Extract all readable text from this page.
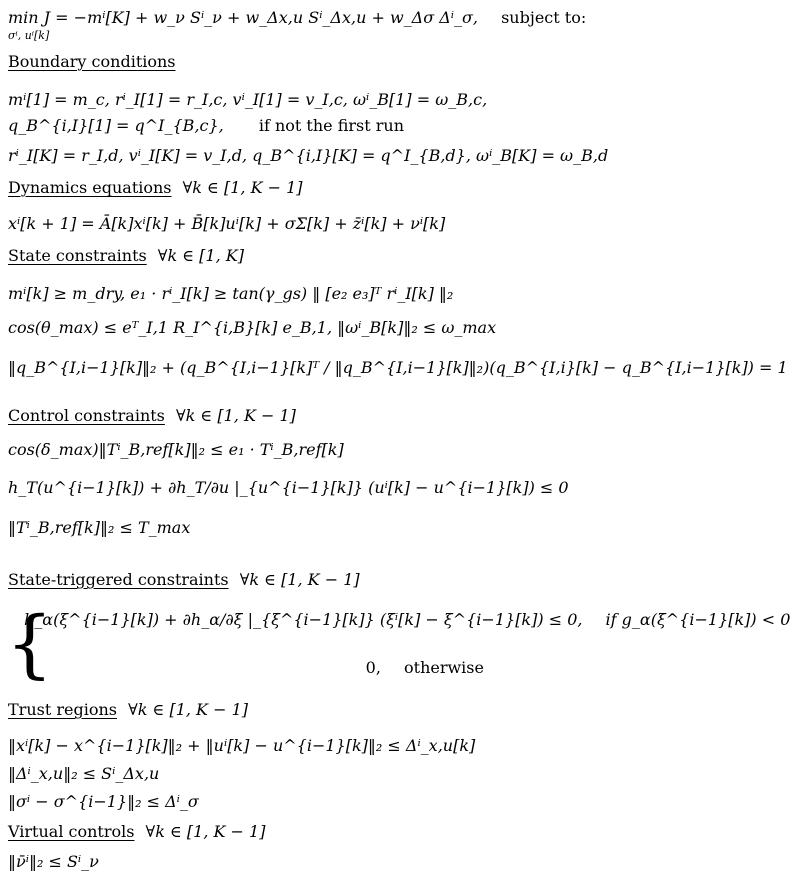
min J = −mⁱ[K] + w_ν Sⁱ_ν + w_Δx,u Sⁱ_Δx,u + w_Δσ Δⁱ_σ, subject to:
σⁱ, uⁱ[k]
Boundary conditions
mⁱ[1] = m_c, rⁱ_I[1] = r_I,c, vⁱ_I[1] = v_I,c, ωⁱ_B[1] = ω_B,c,
q_B^{i,I}[1] = q^I_{B,c}, if not the first run
rⁱ_I[K] = r_I,d, vⁱ_I[K] = v_I,d, q_B^{i,I}[K] = q^I_{B,d}, ωⁱ_B[K] = ω_B,d
Dynamics equations ∀k ∈ [1, K − 1]
xⁱ[k + 1] = Ā[k]xⁱ[k] + B̄[k]uⁱ[k] + σΣ̄[k] + z̄ⁱ[k] + νⁱ[k]
State constraints ∀k ∈ [1, K]
mⁱ[k] ≥ m_dry, e₁ · rⁱ_I[k] ≥ tan(γ_gs) ‖ [e₂ e₃]ᵀ rⁱ_I[k] ‖₂
cos(θ_max) ≤ eᵀ_I,1 R_I^{i,B}[k] e_B,1, ‖ωⁱ_B[k]‖₂ ≤ ω_max
‖q_B^{I,i−1}[k]‖₂ + (q_B^{I,i−1}[k]ᵀ / ‖q_B^{I,i−1}[k]‖₂)(q_B^{I,i}[k] − q_B^{I,i−1}[k]) = 1
Control constraints ∀k ∈ [1, K − 1]
cos(δ_max)‖Tⁱ_B,ref[k]‖₂ ≤ e₁ · Tⁱ_B,ref[k]
h_T(u^{i−1}[k]) + ∂h_T/∂u |_{u^{i−1}[k]} (uⁱ[k] − u^{i−1}[k]) ≤ 0
‖Tⁱ_B,ref[k]‖₂ ≤ T_max
State-triggered constraints ∀k ∈ [1, K − 1]
{
h_α(ξ^{i−1}[k]) + ∂h_α/∂ξ |_{ξ^{i−1}[k]} (ξⁱ[k] − ξ^{i−1}[k]) ≤ 0, if g_α(ξ^{i−1}[k]) < 0
0, otherwise
Trust regions ∀k ∈ [1, K − 1]
‖xⁱ[k] − x^{i−1}[k]‖₂ + ‖uⁱ[k] − u^{i−1}[k]‖₂ ≤ Δⁱ_x,u[k]
‖Δⁱ_x,u‖₂ ≤ Sⁱ_Δx,u
‖σⁱ − σ^{i−1}‖₂ ≤ Δⁱ_σ
Virtual controls ∀k ∈ [1, K − 1]
‖ν̄ⁱ‖₂ ≤ Sⁱ_ν
